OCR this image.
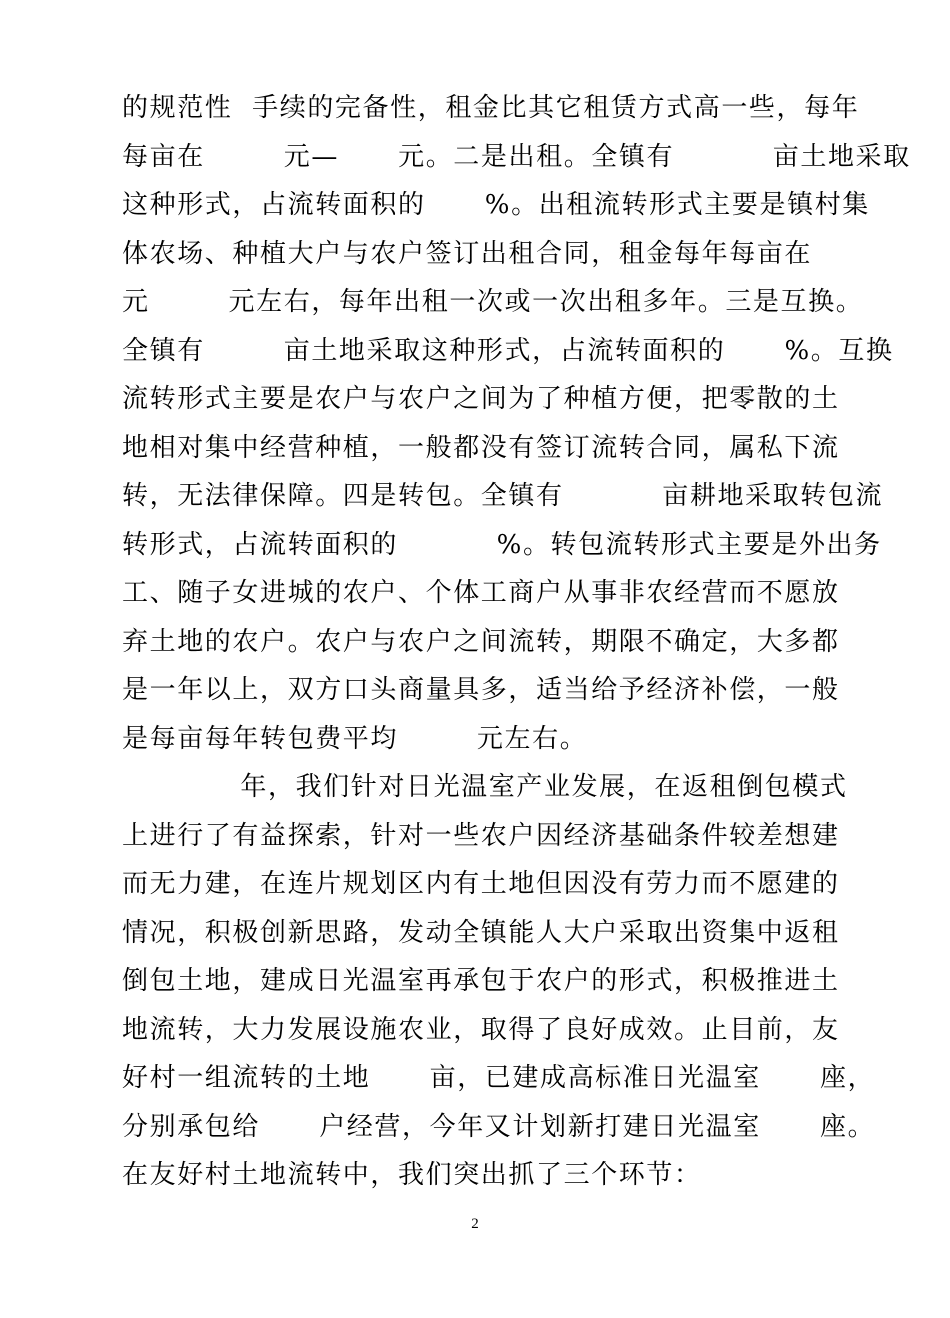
的规范性  手续的完备性，租金比其它租赁方式高一些，每年
每亩在        元—      元。二是出租。全镇有          亩土地采取
这种形式，占流转面积的      %。出租流转形式主要是镇村集
体农场、种植大户与农户签订出租合同，租金每年每亩在
元        元左右，每年出租一次或一次出租多年。三是互换。
全镇有        亩土地采取这种形式，占流转面积的      %。互换
流转形式主要是农户与农户之间为了种植方便，把零散的土
地相对集中经营种植，一般都没有签订流转合同，属私下流
转，无法律保障。四是转包。全镇有          亩耕地采取转包流
转形式，占流转面积的          %。转包流转形式主要是外出务
工、随子女进城的农户、个体工商户从事非农经营而不愿放
弃土地的农户。农户与农户之间流转，期限不确定，大多都
是一年以上，双方口头商量具多，适当给予经济补偿，一般
是每亩每年转包费平均        元左右。
年，我们针对日光温室产业发展，在返租倒包模式
上进行了有益探索，针对一些农户因经济基础条件较差想建
而无力建，在连片规划区内有土地但因没有劳力而不愿建的
情况，积极创新思路，发动全镇能人大户采取出资集中返租
倒包土地，建成日光温室再承包于农户的形式，积极推进土
地流转，大力发展设施农业，取得了良好成效。止目前，友
好村一组流转的土地      亩，已建成高标准日光温室      座，
分别承包给      户经营，今年又计划新打建日光温室      座。
在友好村土地流转中，我们突出抓了三个环节：
2
